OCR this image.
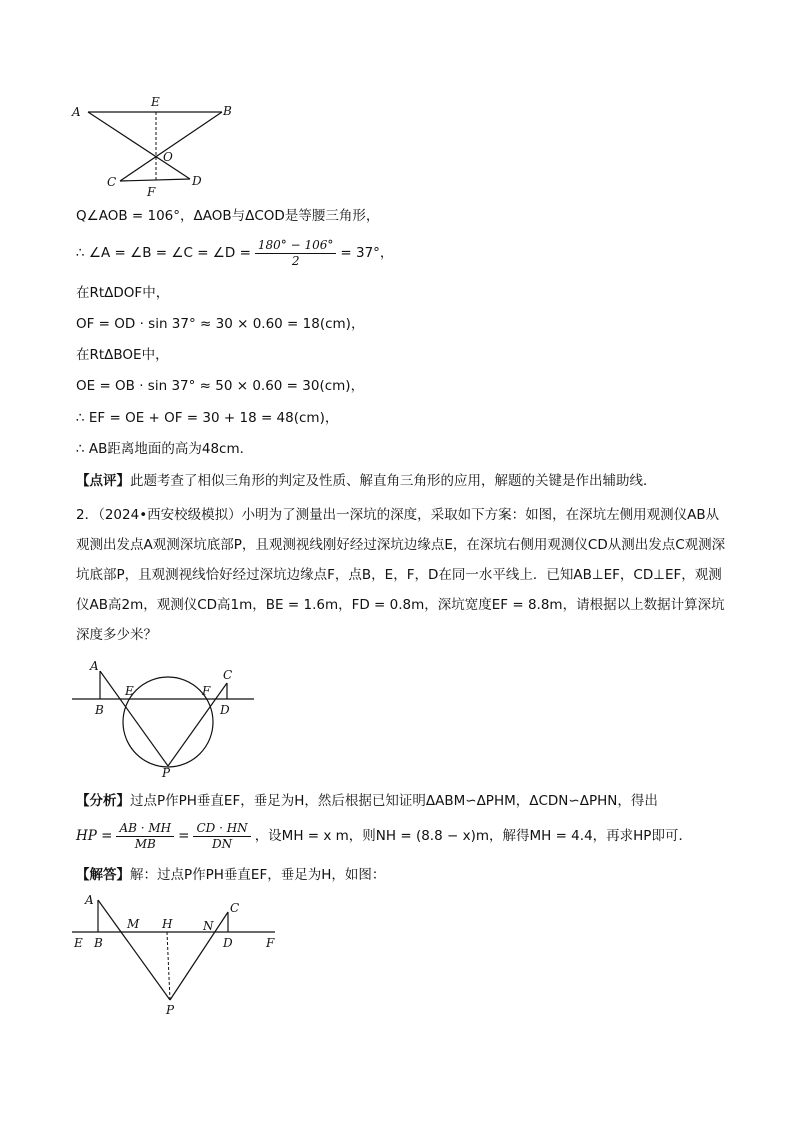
A
E
B
O
C
F
D
Q∠AOB = 106°，ΔAOB与ΔCOD是等腰三角形，
∴ ∠A = ∠B = ∠C = ∠D = $\frac{180^\circ - 106^\circ}{2} = 37^\circ$，
在RtΔDOF中，
OF = OD · sin 37° ≈ 30 × 0.60 = 18(cm)，
在RtΔBOE中，
OE = OB · sin 37° ≈ 50 × 0.60 = 30(cm)，
∴ EF = OE + OF = 30 + 18 = 48(cm)，
∴ AB距离地面的高为48cm．
【点评】此题考查了相似三角形的判定及性质、解直角三角形的应用，解题的关键是作出辅助线．
2．（2024•西安校级模拟）小明为了测量出一深坑的深度，采取如下方案：如图，在深坑左侧用观测仪AB从观测出发点A观测深坑底部P，且观测视线刚好经过深坑边缘点E，在深坑右侧用观测仪CD从测出发点C观测深坑底部P，且观测视线恰好经过深坑边缘点F，点B，E，F，D在同一水平线上．已知AB⊥EF，CD⊥EF，观测仪AB高2m，观测仪CD高1m，BE = 1.6m，FD = 0.8m，深坑宽度EF = 8.8m，请根据以上数据计算深坑深度多少米？
A
C
E	F
B	D
P
【分析】过点P作PH垂直EF，垂足为H，然后根据已知证明ΔABM∽ΔPHM，ΔCDN∽ΔPHN，得出
HP = $\frac{AB \cdot MH}{MB} = \frac{CD \cdot HN}{DN}$ ，设MH = x m，则NH = (8.8 − x)m，解得MH = 4.4，再求HP即可．
【解答】解：过点P作PH垂直EF，垂足为H，如图：
A
C
M H	N
E B	D	F
P
